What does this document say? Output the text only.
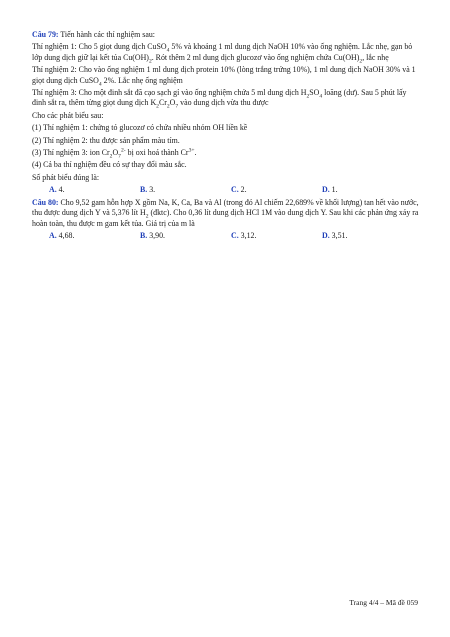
Câu 79: Tiến hành các thí nghiệm sau:

Thí nghiệm 1: Cho 5 giọt dung dịch CuSO$_4$ 5% và khoảng 1 ml dung dịch NaOH 10% vào ống nghiệm. Lắc nhẹ, gạn bỏ lớp dung dịch giữ lại kết tủa $Cu(OH)_2$. Rót thêm 2 ml dung dịch glucozơ vào ống nghiệm chứa $Cu(OH)_2$, lắc nhẹ

Thí nghiệm 2: Cho vào ống nghiệm 1 ml dung dịch protein 10% (lòng trắng trứng 10%), 1 ml dung dịch NaOH 30% và 1 giọt dung dịch CuSO$_4$ 2%. Lắc nhẹ ống nghiệm

Thí nghiệm 3: Cho một đinh sắt đã cạo sạch gỉ vào ống nghiệm chứa 5 ml dung dịch $H_2SO_4$ loãng (dư). Sau 5 phút lấy đinh sắt ra, thêm từng giọt dung dịch $K_2Cr_2O_7$ vào dung dịch vừa thu được

Cho các phát biểu sau:

(1) Thí nghiệm 1: chứng tỏ glucozơ có chứa nhiều nhóm OH liền kề

(2) Thí nghiệm 2: thu được sản phẩm màu tím.

(3) Thí nghiệm 3: ion $Cr_2O_7^{2-}$ bị oxi hoá thành $Cr^{3+}$.

(4) Cả ba thí nghiệm đều có sự thay đổi màu sắc.

Số phát biểu đúng là:

A. 4.	B. 3.	C. 2.	D. 1.

Câu 80: Cho 9,52 gam hỗn hợp X gồm Na, K, Ca, Ba và Al (trong đó Al chiếm 22,689% về khối lượng) tan hết vào nước, thu được dung dịch Y và 5,376 lít $H_2$ (đktc). Cho 0,36 lít dung dịch HCl 1M vào dung dịch Y. Sau khi các phản ứng xảy ra hoàn toàn, thu được m gam kết tủa. Giá trị của m là

A. 4,68.	B. 3,90.	C. 3,12.	D. 3,51.
Trang 4/4 – Mã đề 059
